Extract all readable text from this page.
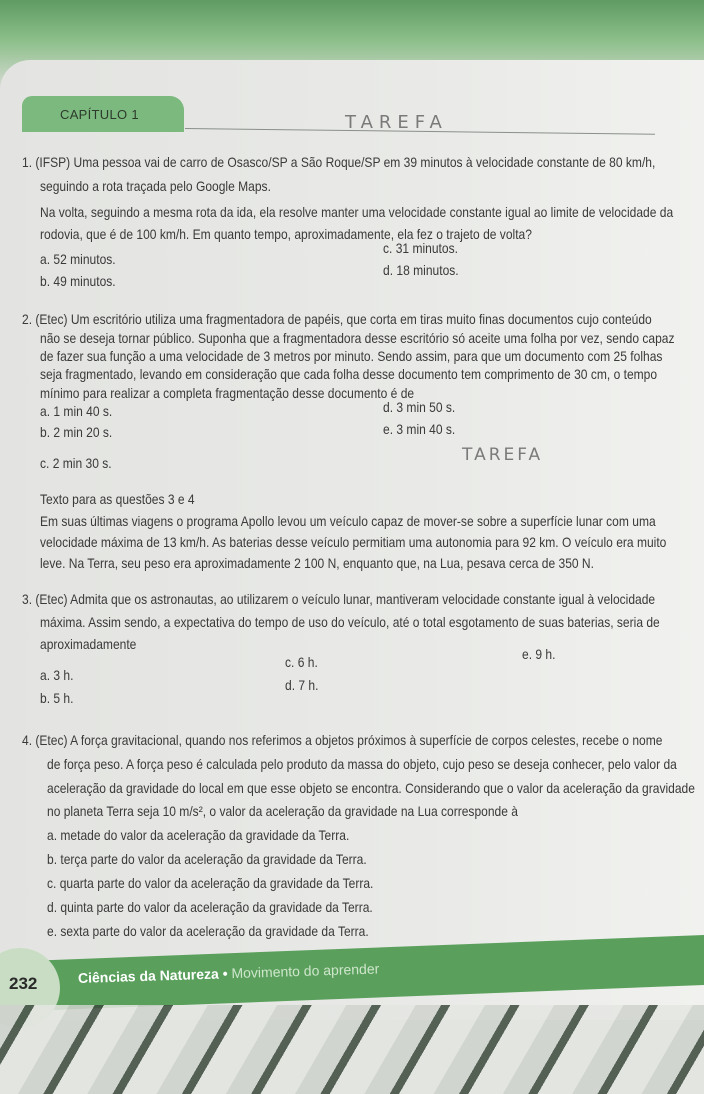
CAPÍTULO 1	TAREFA
1. (IFSP) Uma pessoa vai de carro de Osasco/SP a São Roque/SP em 39 minutos à velocidade constante de 80 km/h,
seguindo a rota traçada pelo Google Maps.
Na volta, seguindo a mesma rota da ida, ela resolve manter uma velocidade constante igual ao limite de velocidade da
rodovia, que é de 100 km/h. Em quanto tempo, aproximadamente, ela fez o trajeto de volta?
a. 52 minutos.
b. 49 minutos.
c. 31 minutos.
d. 18 minutos.
2. (Etec) Um escritório utiliza uma fragmentadora de papéis, que corta em tiras muito finas documentos cujo conteúdo
não se deseja tornar público. Suponha que a fragmentadora desse escritório só aceite uma folha por vez, sendo capaz
de fazer sua função a uma velocidade de 3 metros por minuto. Sendo assim, para que um documento com 25 folhas
seja fragmentado, levando em consideração que cada folha desse documento tem comprimento de 30 cm, o tempo
mínimo para realizar a completa fragmentação desse documento é de
a. 1 min 40 s.
b. 2 min 20 s.
c. 2 min 30 s.
d. 3 min 50 s.
e. 3 min 40 s.
TAREFA
Texto para as questões 3 e 4
Em suas últimas viagens o programa Apollo levou um veículo capaz de mover-se sobre a superfície lunar com uma
velocidade máxima de 13 km/h. As baterias desse veículo permitiam uma autonomia para 92 km. O veículo era muito
leve. Na Terra, seu peso era aproximadamente 2 100 N, enquanto que, na Lua, pesava cerca de 350 N.
3. (Etec) Admita que os astronautas, ao utilizarem o veículo lunar, mantiveram velocidade constante igual à velocidade
máxima. Assim sendo, a expectativa do tempo de uso do veículo, até o total esgotamento de suas baterias, seria de
aproximadamente
a. 3 h.
b. 5 h.
c. 6 h.
d. 7 h.
e. 9 h.
4. (Etec) A força gravitacional, quando nos referimos a objetos próximos à superfície de corpos celestes, recebe o nome
de força peso. A força peso é calculada pelo produto da massa do objeto, cujo peso se deseja conhecer, pelo valor da
aceleração da gravidade do local em que esse objeto se encontra. Considerando que o valor da aceleração da gravidade
no planeta Terra seja 10 m/s², o valor da aceleração da gravidade na Lua corresponde à
a. metade do valor da aceleração da gravidade da Terra.
b. terça parte do valor da aceleração da gravidade da Terra.
c. quarta parte do valor da aceleração da gravidade da Terra.
d. quinta parte do valor da aceleração da gravidade da Terra.
e. sexta parte do valor da aceleração da gravidade da Terra.
232	Ciências da Natureza • Movimento do aprender
